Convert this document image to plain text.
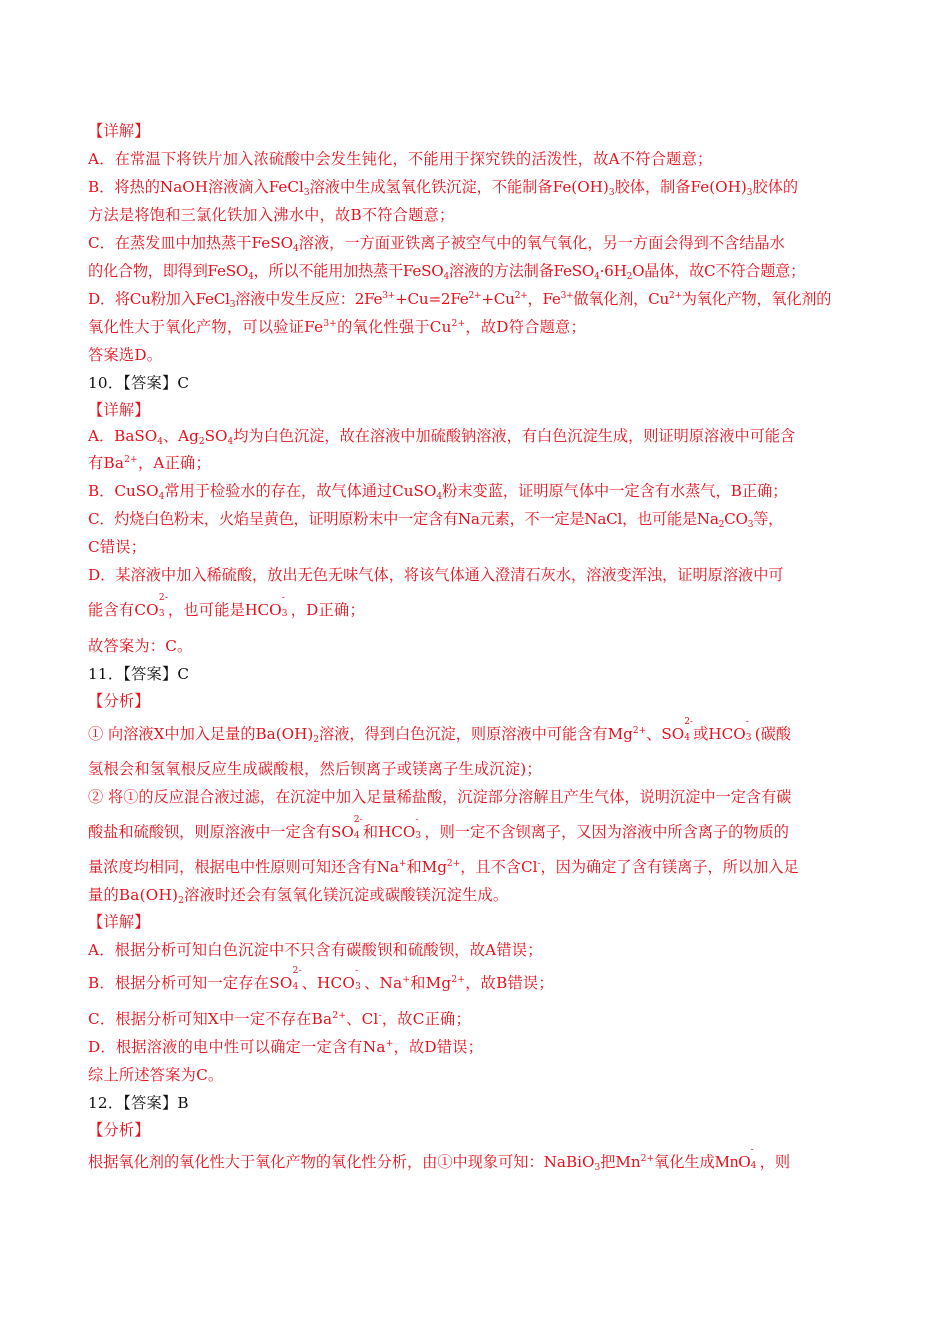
【详解】
A．在常温下将铁片加入浓硫酸中会发生钝化，不能用于探究铁的活泼性，故A不符合题意；
B．将热的NaOH溶液滴入FeCl$_3$溶液中生成氢氧化铁沉淀，不能制备$Fe(OH)_3$胶体，制备$Fe(OH)_3$胶体的
方法是将饱和三氯化铁加入沸水中，故B不符合题意；
C．在蒸发皿中加热蒸干FeSO$_4$溶液，一方面亚铁离子被空气中的氧气氧化，另一方面会得到不含结晶水
的化合物，即得到FeSO$_4$，所以不能用加热蒸干FeSO$_4$溶液的方法制备$FeSO_4\cdot 6H_2O$晶体，故C不符合题意；
D．将Cu粉加入FeCl$_3$溶液中发生反应：$2Fe^{3+}+Cu=2Fe^{2+}+Cu^{2+}$，$Fe^{3+}$做氧化剂，$Cu^{2+}$为氧化产物，氧化剂的
氧化性大于氧化产物，可以验证$Fe^{3+}$的氧化性强于$Cu^{2+}$，故D符合题意；
答案选D。
10．【答案】C
【详解】
A．BaSO$_4$、$Ag_2SO_4$均为白色沉淀，故在溶液中加硫酸钠溶液，有白色沉淀生成，则证明原溶液中可能含
有$Ba^{2+}$，A正确；
B．CuSO$_4$常用于检验水的存在，故气体通过CuSO$_4$粉末变蓝，证明原气体中一定含有水蒸气，B正确；
C．灼烧白色粉末，火焰呈黄色，证明原粉末中一定含有Na元素，不一定是NaCl，也可能是$Na_2CO_3$等，
C错误；
D．某溶液中加入稀硫酸，放出无色无味气体，将该气体通入澄清石灰水，溶液变浑浊，证明原溶液中可
能含有CO
2-
3 ，也可能是HCO
-
3 ，D正确；
故答案为：C。
11．【答案】C
【分析】
① 向溶液X中加入足量的$Ba(OH)_2$溶液，得到白色沉淀，则原溶液中可能含有$Mg^{2+}$、SO
2-
4 或HCO
-
3 (碳酸
氢根会和氢氧根反应生成碳酸根，然后钡离子或镁离子生成沉淀)；
② 将①的反应混合液过滤，在沉淀中加入足量稀盐酸，沉淀部分溶解且产生气体，说明沉淀中一定含有碳
酸盐和硫酸钡，则原溶液中一定含有SO
2-
4 和HCO
-
3 ，则一定不含钡离子，又因为溶液中所含离子的物质的
量浓度均相同，根据电中性原则可知还含有Na+和$Mg^{2+}$，且不含Cl-，因为确定了含有镁离子，所以加入足
量的$Ba(OH)_2$溶液时还会有氢氧化镁沉淀或碳酸镁沉淀生成。
【详解】
A．根据分析可知白色沉淀中不只含有碳酸钡和硫酸钡，故A错误；
B．根据分析可知一定存在SO
2-
4 、HCO
-
3 、Na+和$Mg^{2+}$，故B错误；
C．根据分析可知X中一定不存在$Ba^{2+}$、Cl-，故C正确；
D．根据溶液的电中性可以确定一定含有Na+，故D错误；
综上所述答案为C。
12．【答案】B
【分析】
根据氧化剂的氧化性大于氧化产物的氧化性分析，由①中现象可知：NaBiO$_3$把$Mn^{2+}$氧化生成MnO
-
4 ，则
